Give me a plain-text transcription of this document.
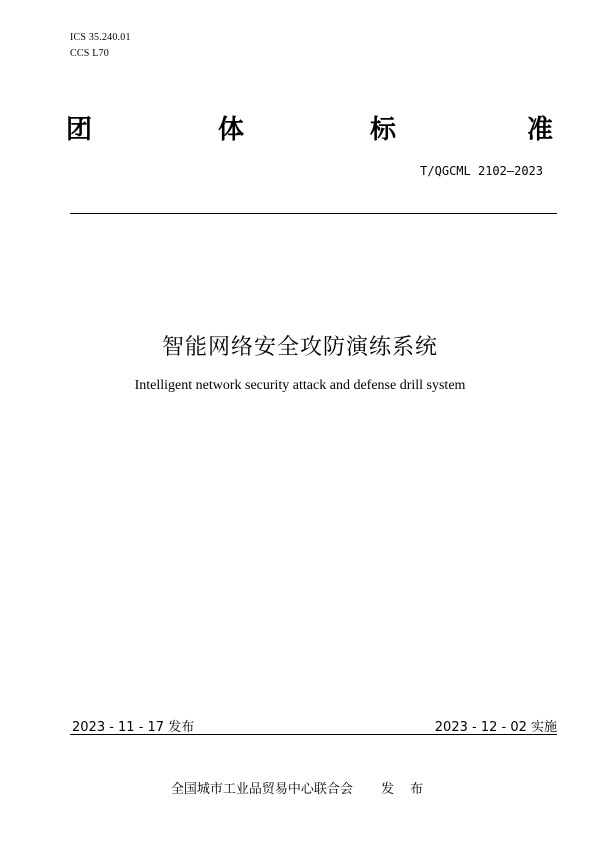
ICS 35.240.01
CCS L70
团	体	标	准
T/QGCML 2102—2023
智能网络安全攻防演练系统
Intelligent network security attack and defense drill system
2023 - 11 - 17 发布	2023 - 12 - 02 实施
全国城市工业品贸易中心联合会 发 布
